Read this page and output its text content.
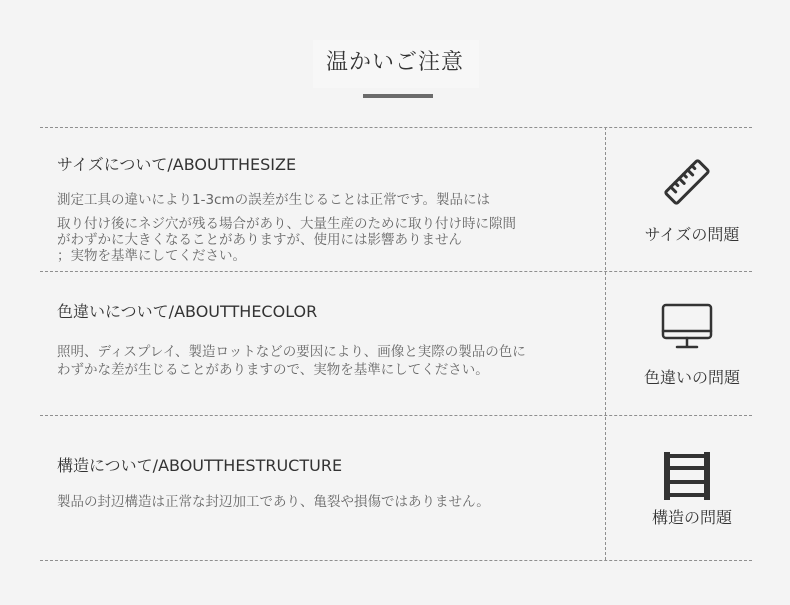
温かいご注意
サイズについて/ABOUTTHESIZE
測定工具の違いにより1-3cmの誤差が生じることは正常です。製品には
取り付け後にネジ穴が残る場合があり、大量生産のために取り付け時に隙間
がわずかに大きくなることがありますが、使用には影響ありません
；実物を基準にしてください。
サイズの問題
色違いについて/ABOUTTHECOLOR
照明、ディスプレイ、製造ロットなどの要因により、画像と実際の製品の色に
わずかな差が生じることがありますので、実物を基準にしてください。	色違いの問題
構造について/ABOUTTHESTRUCTURE
製品の封辺構造は正常な封辺加工であり、亀裂や損傷ではありません。
構造の問題
